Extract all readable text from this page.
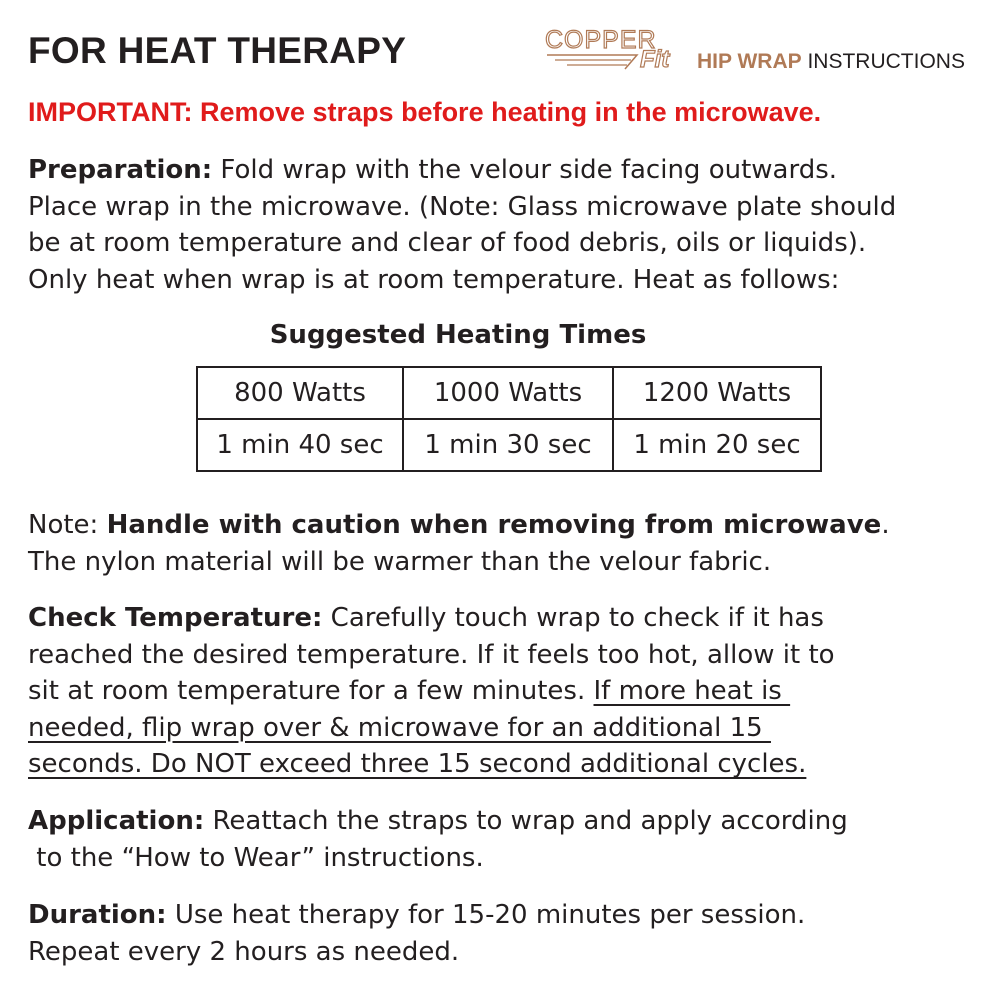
FOR HEAT THERAPY	COPPER
Fit HIP WRAP INSTRUCTIONS

IMPORTANT: Remove straps before heating in the microwave.

Preparation: Fold wrap with the velour side facing outwards.
Place wrap in the microwave. (Note: Glass microwave plate should
be at room temperature and clear of food debris, oils or liquids).
Only heat when wrap is at room temperature. Heat as follows:

Suggested Heating Times

800 Watts	1000 Watts	1200 Watts
1 min 40 sec	1 min 30 sec	1 min 20 sec
Note: Handle with caution when removing from microwave.
The nylon material will be warmer than the velour fabric.
Check Temperature: Carefully touch wrap to check if it has
reached the desired temperature. If it feels too hot, allow it to
sit at room temperature for a few minutes. If more heat is
needed, flip wrap over & microwave for an additional 15
seconds. Do NOT exceed three 15 second additional cycles.
Application: Reattach the straps to wrap and apply according
to the “How to Wear” instructions.
Duration: Use heat therapy for 15-20 minutes per session.
Repeat every 2 hours as needed.
